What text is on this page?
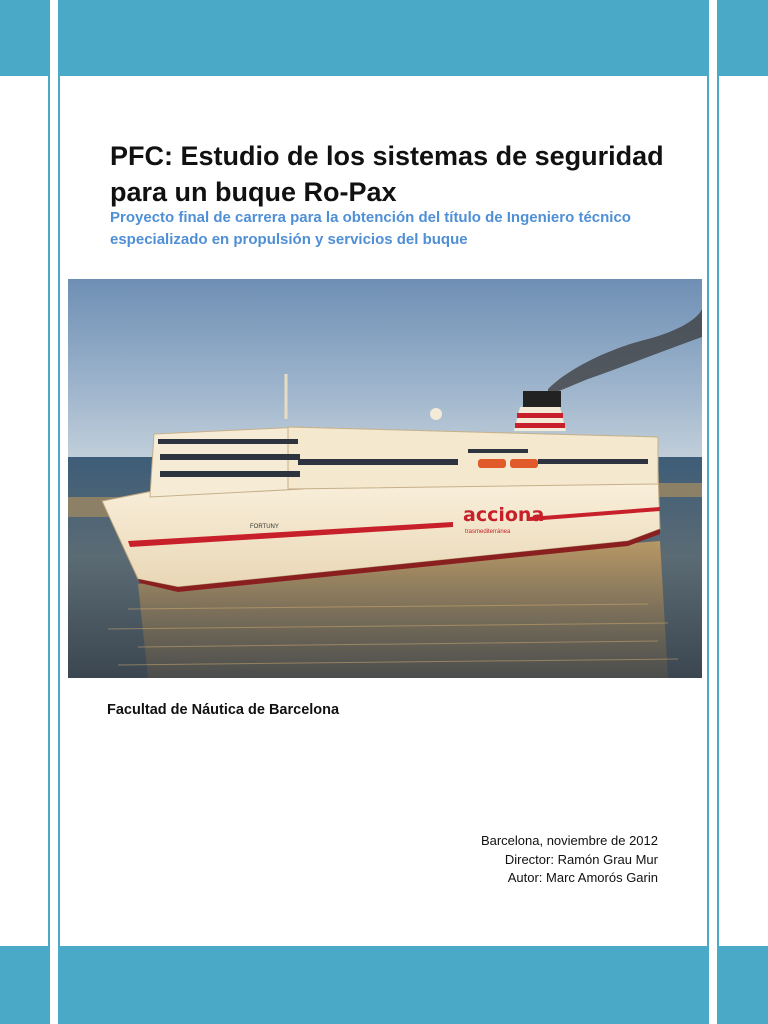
PFC: Estudio de los sistemas de seguridad para un buque Ro-Pax
Proyecto final de carrera para la obtención del título de Ingeniero técnico especializado en propulsión y servicios del buque
acciona
trasmediterránea
FORTUNY
Facultad de Náutica de Barcelona
Barcelona, noviembre de 2012
Director: Ramón Grau Mur
Autor: Marc Amorós Garin
